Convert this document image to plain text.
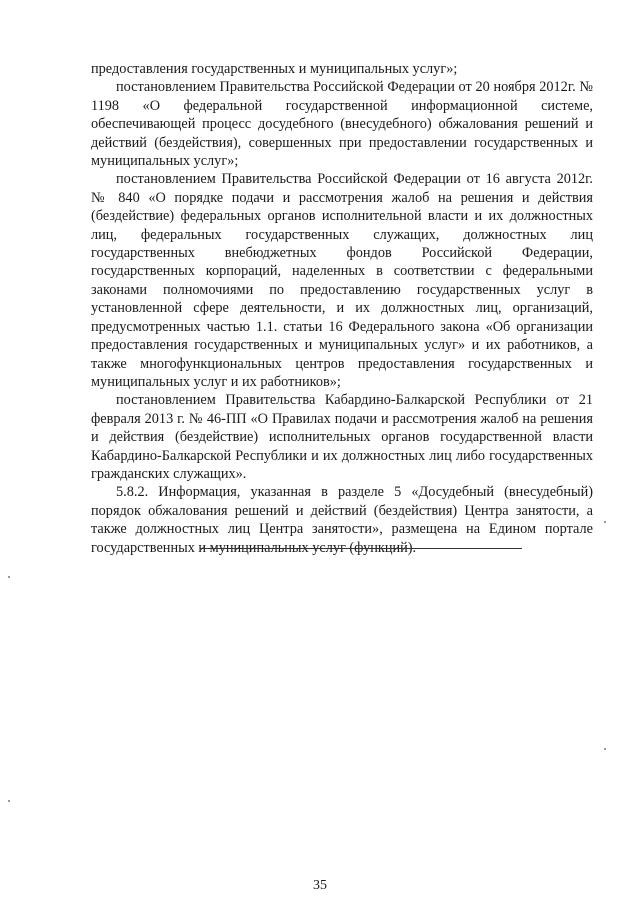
предоставления государственных и муниципальных услуг»;

постановлением Правительства Российской Федерации от 20 ноября 2012г. № 1198 «О федеральной государственной информационной системе, обеспечивающей процесс досудебного (внесудебного) обжалования решений и действий (бездействия), совершенных при предоставлении государственных и муниципальных услуг»;

постановлением Правительства Российской Федерации от 16 августа 2012г. № 840 «О порядке подачи и рассмотрения жалоб на решения и действия (бездействие) федеральных органов исполнительной власти и их должностных лиц, федеральных государственных служащих, должностных лиц государственных внебюджетных фондов Российской Федерации, государственных корпораций, наделенных в соответствии с федеральными законами полномочиями по предоставлению государственных услуг в установленной сфере деятельности, и их должностных лиц, организаций, предусмотренных частью 1.1. статьи 16 Федерального закона «Об организации предоставления государственных и муниципальных услуг» и их работников, а также многофункциональных центров предоставления государственных и муниципальных услуг и их работников»;

постановлением Правительства Кабардино-Балкарской Республики от 21 февраля 2013 г. № 46-ПП «О Правилах подачи и рассмотрения жалоб на решения и действия (бездействие) исполнительных органов государственной власти Кабардино-Балкарской Республики и их должностных лиц либо государственных гражданских служащих».

5.8.2. Информация, указанная в разделе 5 «Досудебный (внесудебный) порядок обжалования решений и действий (бездействия) Центра занятости, а также должностных лиц Центра занятости», размещена на Едином портале государственных и муниципальных услуг (функций).

35
